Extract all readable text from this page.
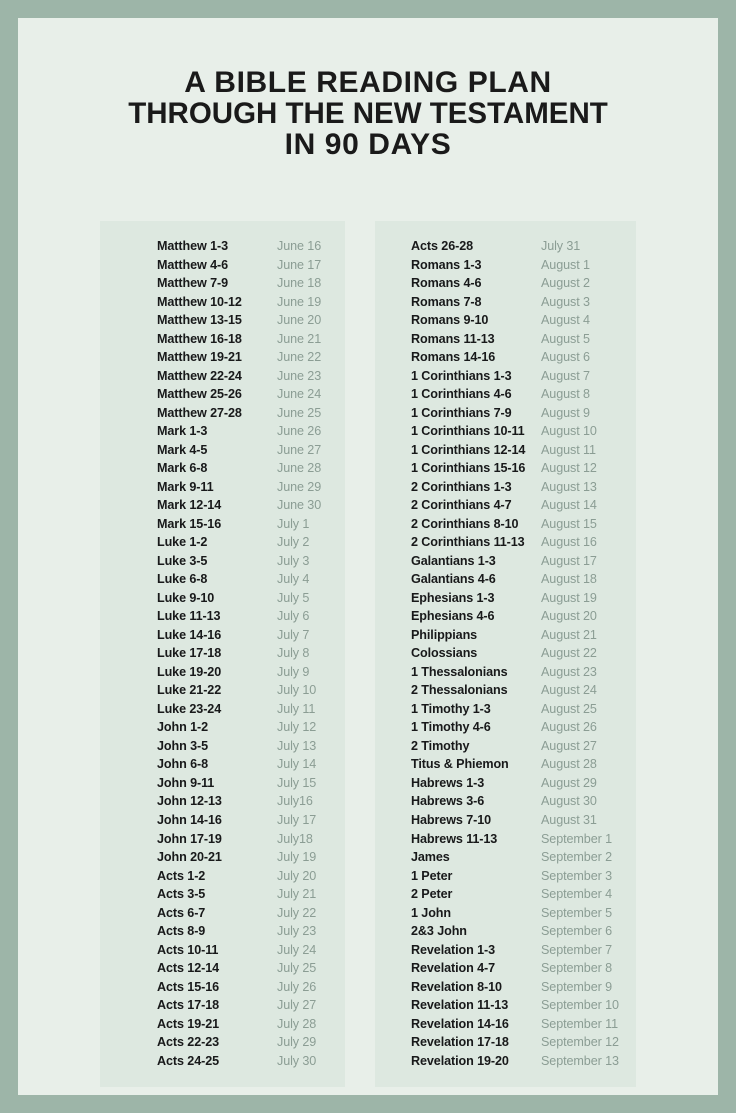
A BIBLE READING PLAN
THROUGH THE NEW TESTAMENT
IN 90 DAYS
Matthew 1-3	June 16
Matthew 4-6	June 17
Matthew 7-9	June 18
Matthew 10-12	June 19
Matthew 13-15	June 20
Matthew 16-18	June 21
Matthew 19-21	June 22
Matthew 22-24	June 23
Matthew 25-26	June 24
Matthew 27-28	June 25
Mark 1-3	June 26
Mark 4-5	June 27
Mark 6-8	June 28
Mark 9-11	June 29
Mark 12-14	June 30
Mark 15-16	July 1
Luke 1-2	July 2
Luke 3-5	July 3
Luke 6-8	July 4
Luke 9-10	July 5
Luke 11-13	July 6
Luke 14-16	July 7
Luke 17-18	July 8
Luke 19-20	July 9
Luke 21-22	July 10
Luke 23-24	July 11
John 1-2	July 12
John 3-5	July 13
John 6-8	July 14
John 9-11	July 15
John 12-13	July16
John 14-16	July 17
John 17-19	July18
John 20-21	July 19
Acts 1-2	July 20
Acts 3-5	July 21
Acts 6-7	July 22
Acts 8-9	July 23
Acts 10-11	July 24
Acts 12-14	July 25
Acts 15-16	July 26
Acts 17-18	July 27
Acts 19-21	July 28
Acts 22-23	July 29
Acts 24-25	July 30
Acts 26-28	July 31
Romans 1-3	August 1
Romans 4-6	August 2
Romans 7-8	August 3
Romans 9-10	August 4
Romans 11-13	August 5
Romans 14-16	August 6
1 Corinthians 1-3	August 7
1 Corinthians 4-6	August 8
1 Corinthians 7-9	August 9
1 Corinthians 10-11	August 10
1 Corinthians 12-14	August 11
1 Corinthians 15-16	August 12
2 Corinthians 1-3	August 13
2 Corinthians 4-7	August 14
2 Corinthians 8-10	August 15
2 Corinthians 11-13	August 16
Galantians 1-3	August 17
Galantians 4-6	August 18
Ephesians 1-3	August 19
Ephesians 4-6	August 20
Philippians	August 21
Colossians	August 22
1 Thessalonians	August 23
2 Thessalonians	August 24
1 Timothy 1-3	August 25
1 Timothy 4-6	August 26
2 Timothy	August 27
Titus & Phiemon	August 28
Habrews 1-3	August 29
Habrews 3-6	August 30
Habrews 7-10	August 31
Habrews 11-13	September 1
James	September 2
1 Peter	September 3
2 Peter	September 4
1 John	September 5
2&3 John	September 6
Revelation 1-3	September 7
Revelation 4-7	September 8
Revelation 8-10	September 9
Revelation 11-13	September 10
Revelation 14-16	September 11
Revelation 17-18	September 12
Revelation 19-20	September 13
